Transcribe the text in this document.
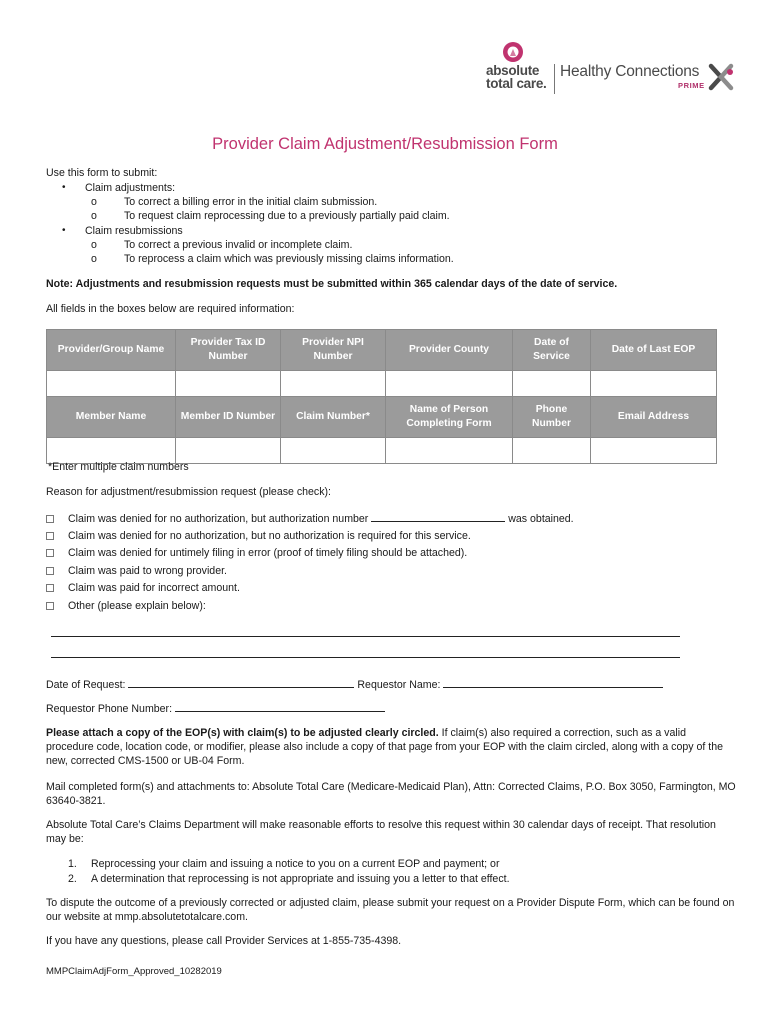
absolute
total care.
Healthy Connections
PRIME
Provider Claim Adjustment/Resubmission Form
Use this form to submit:
• Claim adjustments:
o	To correct a billing error in the initial claim submission.
o	To request claim reprocessing due to a previously partially paid claim.
• Claim resubmissions
o	To correct a previous invalid or incomplete claim.
o	To reprocess a claim which was previously missing claims information.
Note: Adjustments and resubmission requests must be submitted within 365 calendar days of the date of service.
All fields in the boxes below are required information:
Provider/Group Name	Provider Tax ID Number	Provider NPI Number	Provider County	Date of Service	Date of Last EOP

Member Name	Member ID Number	Claim Number*	Name of Person Completing Form	Phone Number	Email Address

*Enter multiple claim numbers
Reason for adjustment/resubmission request (please check):
Claim was denied for no authorization, but authorization number	was obtained.
Claim was denied for no authorization, but no authorization is required for this service.
Claim was denied for untimely filing in error (proof of timely filing should be attached).
Claim was paid to wrong provider.
Claim was paid for incorrect amount.
Other (please explain below):
Date of Request:	Requestor Name:
Requestor Phone Number:
Please attach a copy of the EOP(s) with claim(s) to be adjusted clearly circled. If claim(s) also required a correction, such as a valid procedure code, location code, or modifier, please also include a copy of that page from your EOP with the claim circled, along with a copy of the new, corrected CMS-1500 or UB-04 Form.
Mail completed form(s) and attachments to: Absolute Total Care (Medicare-Medicaid Plan), Attn: Corrected Claims, P.O. Box 3050, Farmington, MO 63640-3821.
Absolute Total Care’s Claims Department will make reasonable efforts to resolve this request within 30 calendar days of receipt. That resolution may be:
1. Reprocessing your claim and issuing a notice to you on a current EOP and payment; or
2. A determination that reprocessing is not appropriate and issuing you a letter to that effect.
To dispute the outcome of a previously corrected or adjusted claim, please submit your request on a Provider Dispute Form, which can be found on our website at mmp.absolutetotalcare.com.
If you have any questions, please call Provider Services at 1-855-735-4398.
MMPClaimAdjForm_Approved_10282019
